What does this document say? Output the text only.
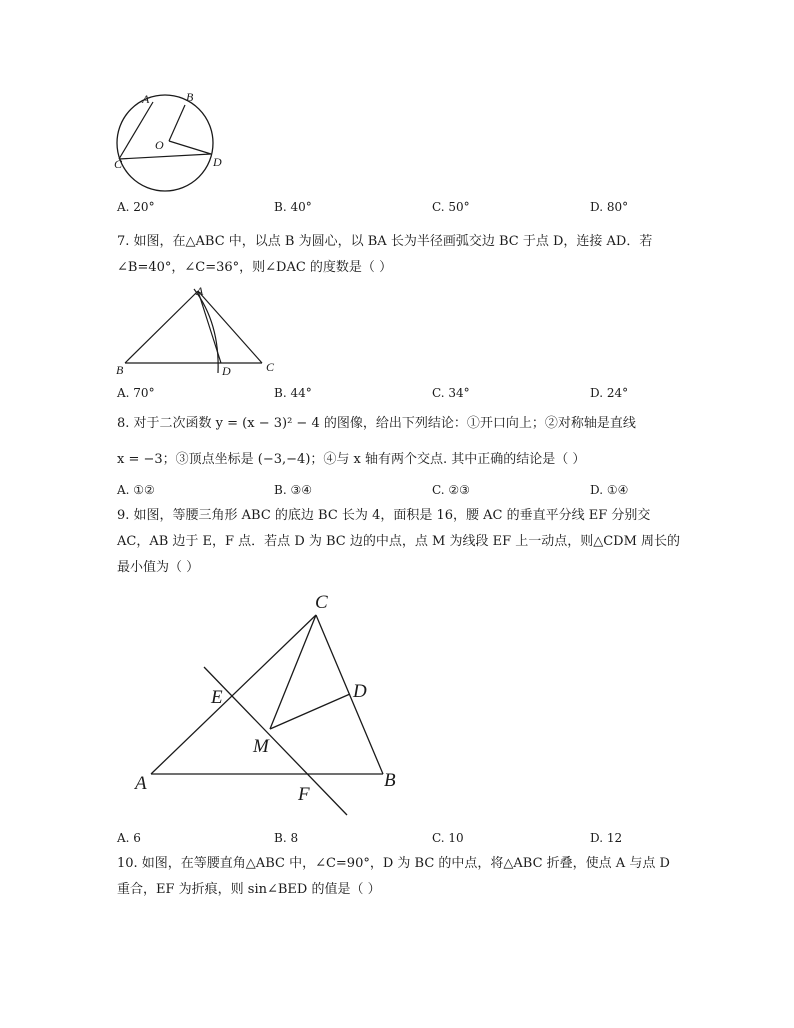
A	B
O
C	D
A. 20°	B. 40°	C. 50°	D. 80°
7. 如图，在△ABC 中，以点 B 为圆心，以 BA 长为半径画弧交边 BC 于点 D，连接 AD．若
∠B=40°，∠C=36°，则∠DAC 的度数是（ ）
A
B	D	C
A. 70°	B. 44°	C. 34°	D. 24°
8. 对于二次函数 y = (x − 3)² − 4 的图像，给出下列结论：①开口向上；②对称轴是直线
x = −3；③顶点坐标是 (−3,−4)；④与 x 轴有两个交点. 其中正确的结论是（ ）
A. ①②	B. ③④	C. ②③	D. ①④
9. 如图，等腰三角形 ABC 的底边 BC 长为 4，面积是 16，腰 AC 的垂直平分线 EF 分别交
AC，AB 边于 E，F 点．若点 D 为 BC 边的中点，点 M 为线段 EF 上一动点，则△CDM 周长的
最小值为（ ）
C
D
E
M
A
F
B
A. 6	B. 8	C. 10	D. 12
10. 如图，在等腰直角△ABC 中，∠C=90°，D 为 BC 的中点，将△ABC 折叠，使点 A 与点 D
重合，EF 为折痕，则 sin∠BED 的值是（ ）
